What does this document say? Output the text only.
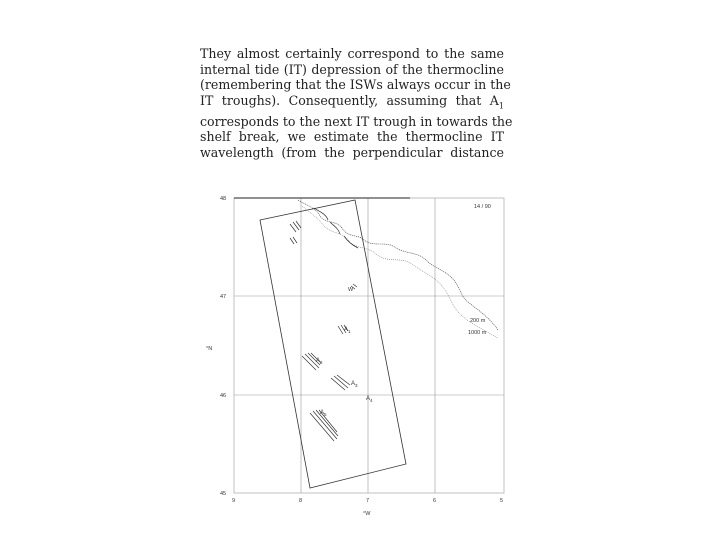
They almost certainly correspond to the same
internal tide (IT) depression of the thermocline
(remembering that the ISWs always occur in the
IT troughs). Consequently, assuming that $A_1$
corresponds to the next IT trough in towards the
shelf break, we estimate the thermocline IT
wavelength (from the perpendicular distance
48
47
46
45
9	8	7	6	5
°N
°W
14 / 90
200 m
1000 m
$A_1$
$A_2$
$A_3$
$A_4$
$A_5$
W
